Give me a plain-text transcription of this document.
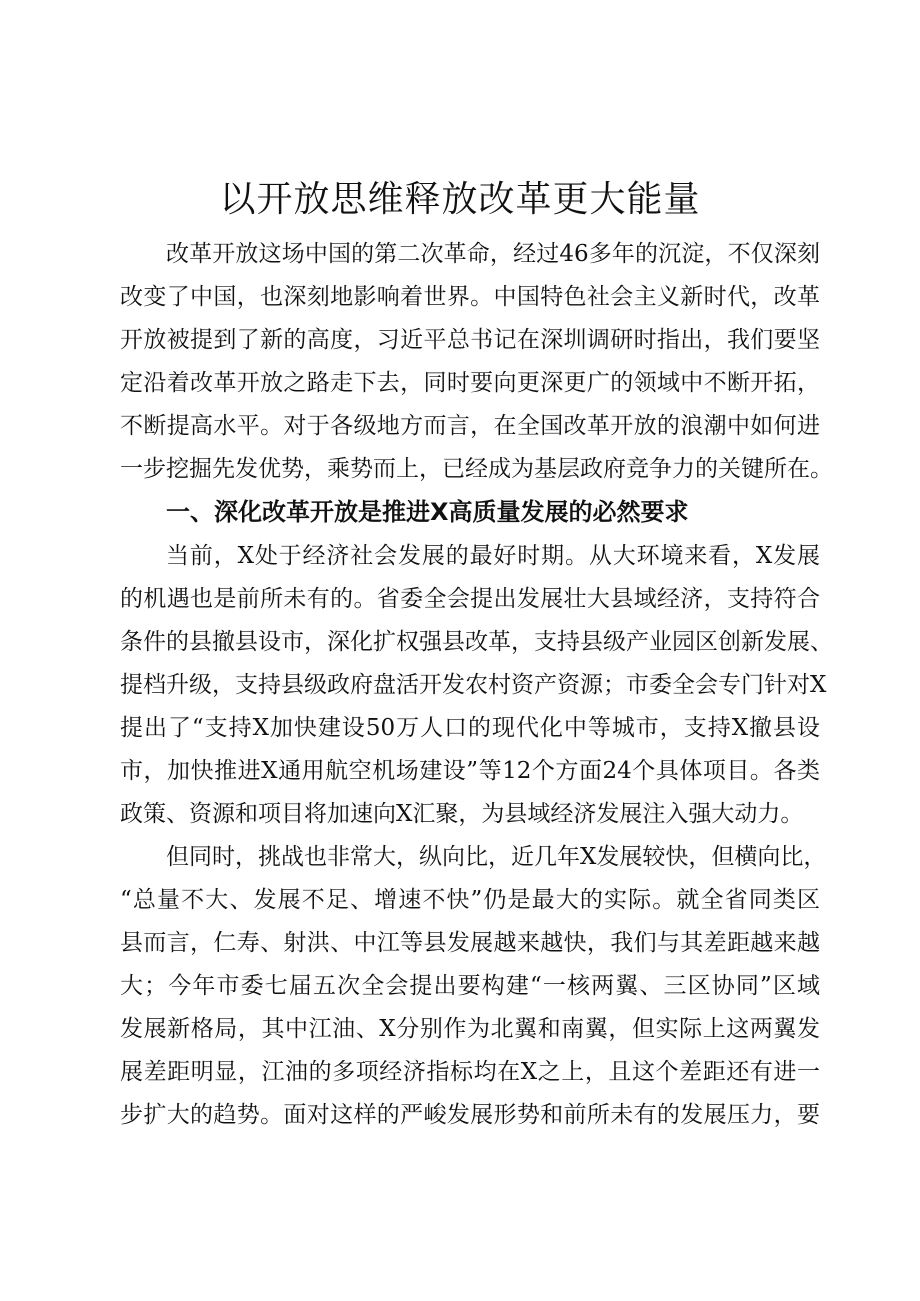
以开放思维释放改革更大能量

改革开放这场中国的第二次革命，经过46多年的沉淀，不仅深刻

改变了中国，也深刻地影响着世界。中国特色社会主义新时代，改革

开放被提到了新的高度，习近平总书记在深圳调研时指出，我们要坚

定沿着改革开放之路走下去，同时要向更深更广的领域中不断开拓，

不断提高水平。对于各级地方而言，在全国改革开放的浪潮中如何进

一步挖掘先发优势，乘势而上，已经成为基层政府竞争力的关键所在。

一、深化改革开放是推进X高质量发展的必然要求

当前，X处于经济社会发展的最好时期。从大环境来看，X发展

的机遇也是前所未有的。省委全会提出发展壮大县域经济，支持符合

条件的县撤县设市，深化扩权强县改革，支持县级产业园区创新发展、

提档升级，支持县级政府盘活开发农村资产资源；市委全会专门针对X

提出了“支持X加快建设50万人口的现代化中等城市，支持X撤县设

市，加快推进X通用航空机场建设”等12个方面24个具体项目。各类

政策、资源和项目将加速向X汇聚，为县域经济发展注入强大动力。

但同时，挑战也非常大，纵向比，近几年X发展较快，但横向比，

“总量不大、发展不足、增速不快”仍是最大的实际。就全省同类区

县而言，仁寿、射洪、中江等县发展越来越快，我们与其差距越来越

大；今年市委七届五次全会提出要构建“一核两翼、三区协同”区域

发展新格局，其中江油、X分别作为北翼和南翼，但实际上这两翼发

展差距明显，江油的多项经济指标均在X之上，且这个差距还有进一

步扩大的趋势。面对这样的严峻发展形势和前所未有的发展压力，要
